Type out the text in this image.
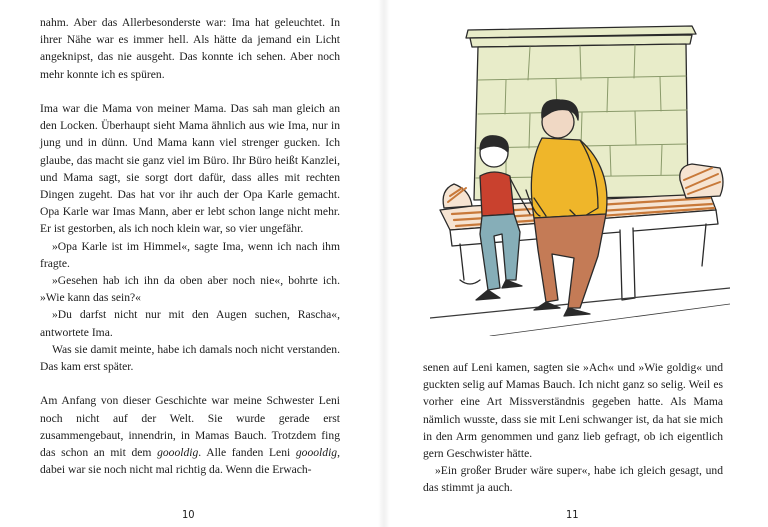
nahm. Aber das Allerbesonderste war: Ima hat geleuchtet. In ihrer Nähe war es immer hell. Als hätte da jemand ein Licht angeknipst, das nie ausgeht. Das konnte ich sehen. Aber noch mehr konnte ich es spüren.

Ima war die Mama von meiner Mama. Das sah man gleich an den Locken. Überhaupt sieht Mama ähnlich aus wie Ima, nur in jung und in dünn. Und Mama kann viel strenger gucken. Ich glaube, das macht sie ganz viel im Büro. Ihr Büro heißt Kanzlei, und Mama sagt, sie sorgt dort dafür, dass alles mit rechten Dingen zugeht. Das hat vor ihr auch der Opa Karle gemacht. Opa Karle war Imas Mann, aber er lebt schon lange nicht mehr. Er ist gestorben, als ich noch klein war, so vier ungefähr.

»Opa Karle ist im Himmel«, sagte Ima, wenn ich nach ihm fragte.

»Gesehen hab ich ihn da oben aber noch nie«, bohrte ich. »Wie kann das sein?«

»Du darfst nicht nur mit den Augen suchen, Rascha«, antwortete Ima.

Was sie damit meinte, habe ich damals noch nicht verstanden. Das kam erst später.

Am Anfang von dieser Geschichte war meine Schwester Leni noch nicht auf der Welt. Sie wurde gerade erst zusammengebaut, innendrin, in Mamas Bauch. Trotzdem fing das schon an mit dem goooldig. Alle fanden Leni goooldig, dabei war sie noch nicht mal richtig da. Wenn die Erwach-

10

senen auf Leni kamen, sagten sie »Ach« und »Wie goldig« und guckten selig auf Mamas Bauch. Ich nicht ganz so selig. Weil es vorher eine Art Missverständnis gegeben hatte. Als Mama nämlich wusste, dass sie mit Leni schwanger ist, da hat sie mich in den Arm genommen und ganz lieb gefragt, ob ich eigentlich gern Geschwister hätte.

»Ein großer Bruder wäre super«, habe ich gleich gesagt, und das stimmt ja auch.

11
